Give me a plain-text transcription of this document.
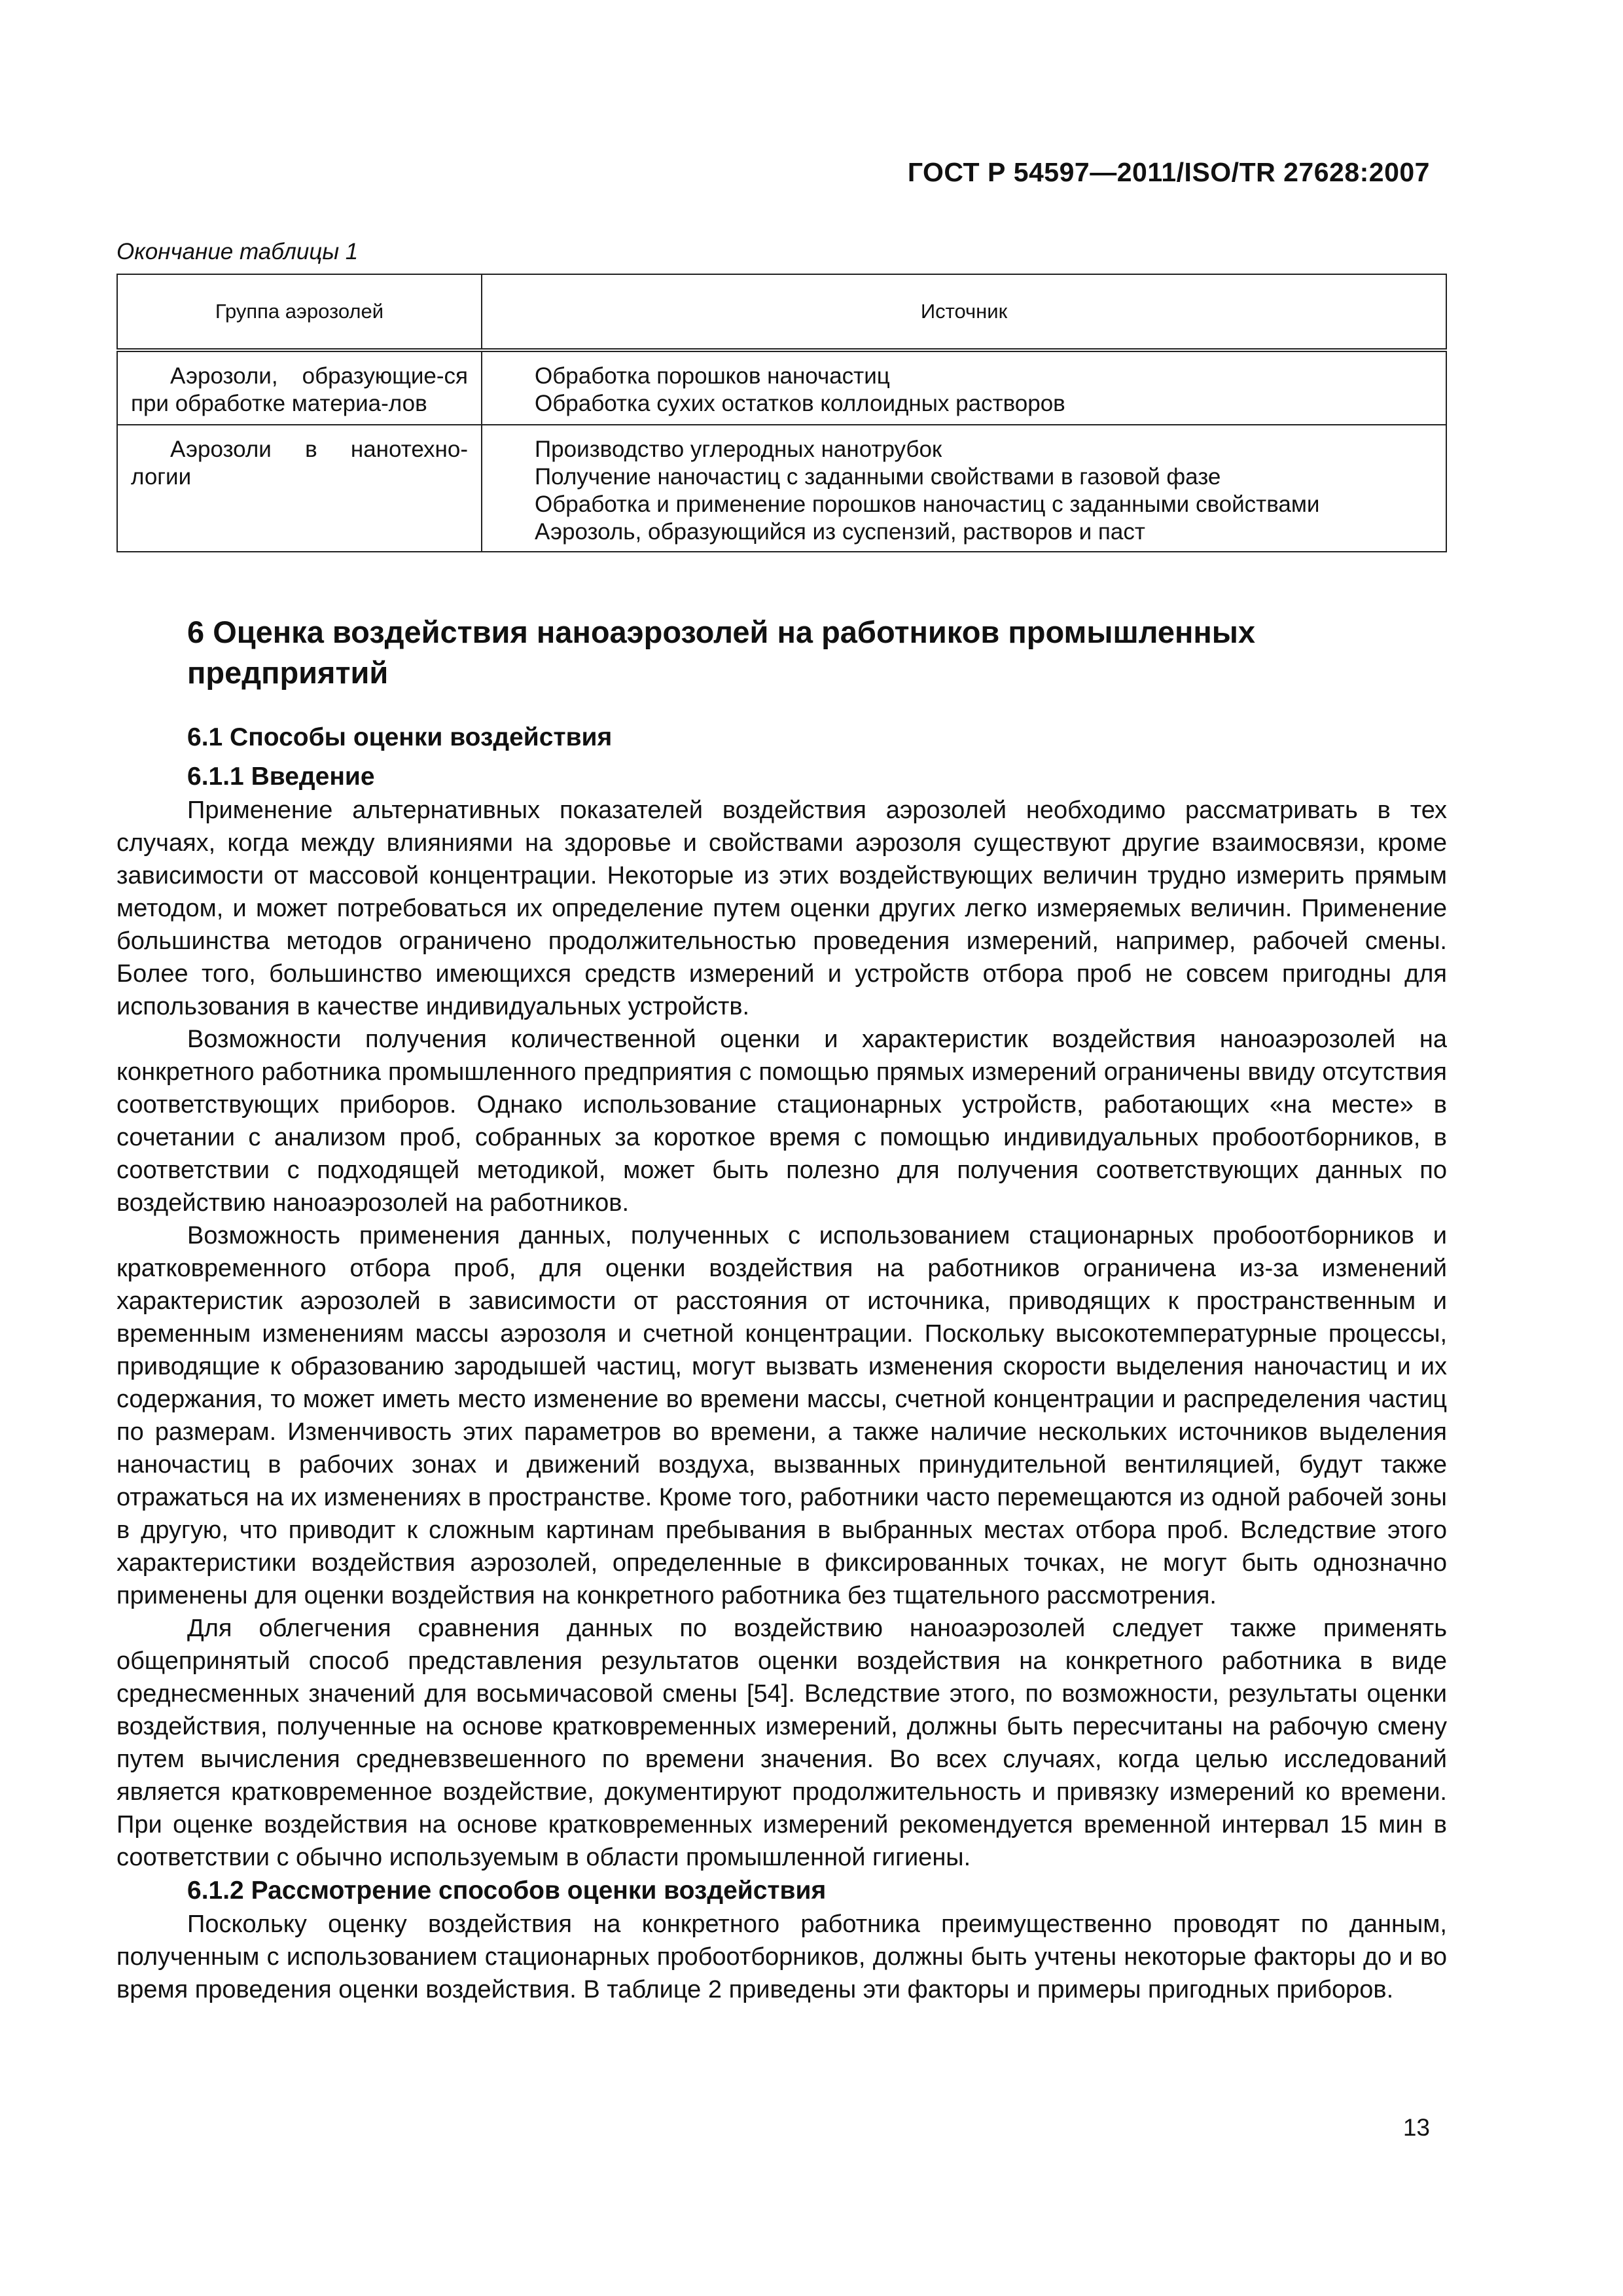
ГОСТ Р 54597—2011/ISO/TR 27628:2007
Окончание таблицы 1
Группа аэрозолей	Источник
Аэрозоли, образующие-ся при обработке материа-лов	Обработка порошков наночастиц
Обработка сухих остатков коллоидных растворов

Аэрозоли в нанотехно-логии	Производство углеродных нанотрубок
Получение наночастиц с заданными свойствами в газовой фазе
Обработка и применение порошков наночастиц с заданными свойствами
Аэрозоль, образующийся из суспензий, растворов и паст
6 Оценка воздействия наноаэрозолей на работников промышленных предприятий
6.1 Способы оценки воздействия
6.1.1 Введение

Применение альтернативных показателей воздействия аэрозолей необходимо рассматривать в тех случаях, когда между влияниями на здоровье и свойствами аэрозоля существуют другие взаимосвязи, кроме зависимости от массовой концентрации. Некоторые из этих воздействующих величин трудно измерить прямым методом, и может потребоваться их определение путем оценки других легко измеряемых величин. Применение большинства методов ограничено продолжительностью проведения измерений, например, рабочей смены. Более того, большинство имеющихся средств измерений и устройств отбора проб не совсем пригодны для использования в качестве индивидуальных устройств.

Возможности получения количественной оценки и характеристик воздействия наноаэрозолей на конкретного работника промышленного предприятия с помощью прямых измерений ограничены ввиду отсутствия соответствующих приборов. Однако использование стационарных устройств, работающих «на месте» в сочетании с анализом проб, собранных за короткое время с помощью индивидуальных пробоотборников, в соответствии с подходящей методикой, может быть полезно для получения соответствующих данных по воздействию наноаэрозолей на работников.

Возможность применения данных, полученных с использованием стационарных пробоотборников и кратковременного отбора проб, для оценки воздействия на работников ограничена из-за изменений характеристик аэрозолей в зависимости от расстояния от источника, приводящих к пространственным и временным изменениям массы аэрозоля и счетной концентрации. Поскольку высокотемпературные процессы, приводящие к образованию зародышей частиц, могут вызвать изменения скорости выделения наночастиц и их содержания, то может иметь место изменение во времени массы, счетной концентрации и распределения частиц по размерам. Изменчивость этих параметров во времени, а также наличие нескольких источников выделения наночастиц в рабочих зонах и движений воздуха, вызванных принудительной вентиляцией, будут также отражаться на их изменениях в пространстве. Кроме того, работники часто перемещаются из одной рабочей зоны в другую, что приводит к сложным картинам пребывания в выбранных местах отбора проб. Вследствие этого характеристики воздействия аэрозолей, определенные в фиксированных точках, не могут быть однозначно применены для оценки воздействия на конкретного работника без тщательного рассмотрения.

Для облегчения сравнения данных по воздействию наноаэрозолей следует также применять общепринятый способ представления результатов оценки воздействия на конкретного работника в виде среднесменных значений для восьмичасовой смены [54]. Вследствие этого, по возможности, результаты оценки воздействия, полученные на основе кратковременных измерений, должны быть пересчитаны на рабочую смену путем вычисления средневзвешенного по времени значения. Во всех случаях, когда целью исследований является кратковременное воздействие, документируют продолжительность и привязку измерений ко времени. При оценке воздействия на основе кратковременных измерений рекомендуется временной интервал 15 мин в соответствии с обычно используемым в области промышленной гигиены.

6.1.2 Рассмотрение способов оценки воздействия

Поскольку оценку воздействия на конкретного работника преимущественно проводят по данным, полученным с использованием стационарных пробоотборников, должны быть учтены некоторые факторы до и во время проведения оценки воздействия. В таблице 2 приведены эти факторы и примеры пригодных приборов.

13
